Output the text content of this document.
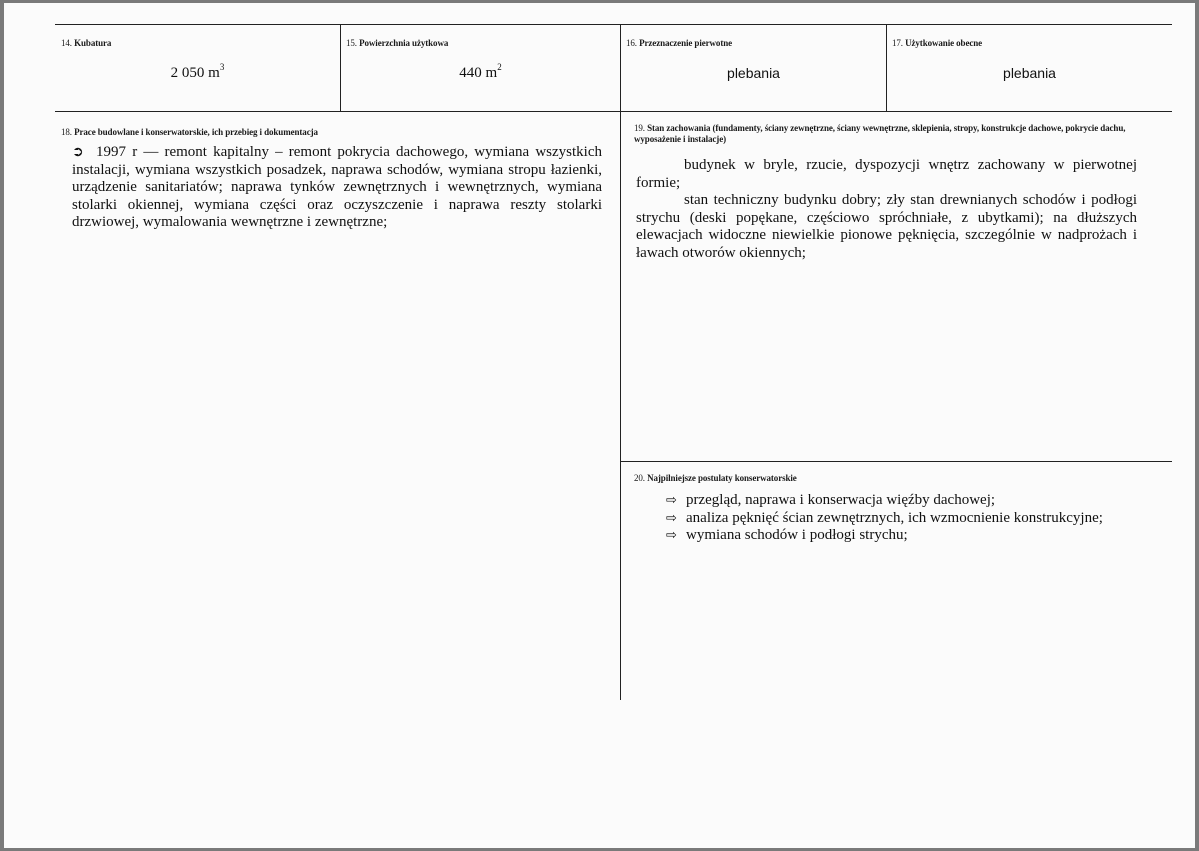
14. Kubatura
2 050 $m^3$
15. Powierzchnia użytkowa
440 $m^2$
16. Przeznaczenie pierwotne
plebania
17. Użytkowanie obecne
plebania
18. Prace budowlane i konserwatorskie, ich przebieg i dokumentacja
➲ 1997 r — remont kapitalny – remont pokrycia dachowego, wymiana wszystkich instalacji, wymiana wszystkich posadzek, naprawa schodów, wymiana stropu łazienki, urządzenie sanitariatów; naprawa tynków zewnętrznych i wewnętrznych, wymiana stolarki okiennej, wymiana części oraz oczyszczenie i naprawa reszty stolarki drzwiowej, wymalowania wewnętrzne i zewnętrzne;
19. Stan zachowania (fundamenty, ściany zewnętrzne, ściany wewnętrzne, sklepienia, stropy, konstrukcje dachowe, pokrycie dachu, wyposażenie i instalacje)
budynek w bryle, rzucie, dyspozycji wnętrz zachowany w pierwotnej formie;
stan techniczny budynku dobry; zły stan drewnianych schodów i podłogi strychu (deski popękane, częściowo spróchniałe, z ubytkami); na dłuższych elewacjach widoczne niewielkie pionowe pęknięcia, szczególnie w nadprożach i ławach otworów okiennych;
20. Najpilniejsze postulaty konserwatorskie
⇨ przegląd, naprawa i konserwacja więźby dachowej;
⇨ analiza pęknięć ścian zewnętrznych, ich wzmocnienie konstrukcyjne;
⇨ wymiana schodów i podłogi strychu;
